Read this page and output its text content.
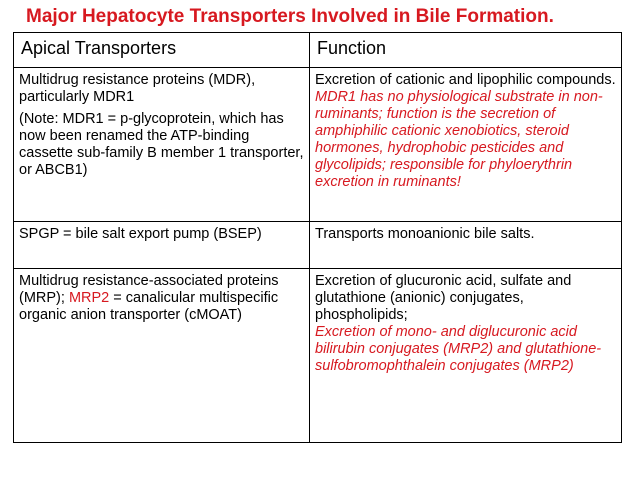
Major Hepatocyte Transporters Involved in Bile Formation.
Apical Transporters	Function

Multidrug resistance proteins (MDR), particularly MDR1

(Note: MDR1 = p-glycoprotein, which has now been renamed the ATP-binding cassette sub-family B member 1 transporter, or ABCB1)	Excretion of cationic and lipophilic compounds. MDR1 has no physiological substrate in non-ruminants; function is the secretion of amphiphilic cationic xenobiotics, steroid hormones, hydrophobic pesticides and glycolipids; responsible for phyloerythrin excretion in ruminants!
SPGP = bile salt export pump (BSEP)	Transports monoanionic bile salts.
Multidrug resistance-associated proteins (MRP); MRP2 = canalicular multispecific organic anion transporter (cMOAT)	Excretion of glucuronic acid, sulfate and glutathione (anionic) conjugates, phospholipids;

Excretion of mono- and diglucuronic acid bilirubin conjugates (MRP2) and glutathione-sulfobromophthalein conjugates (MRP2)
